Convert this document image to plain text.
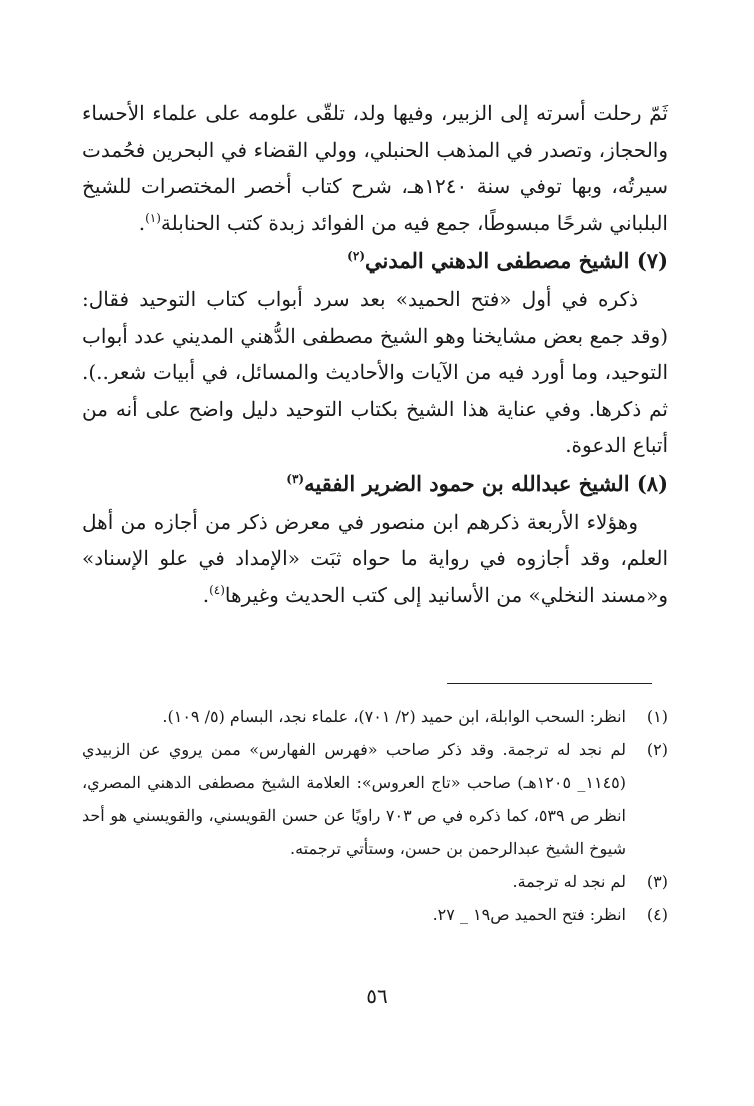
ثَمّ رحلت أسرته إلى الزبير، وفيها ولد، تلقّى علومه على علماء الأحساء والحجاز، وتصدر في المذهب الحنبلي، وولي القضاء في البحرين فحُمدت سيرتُه، وبها توفي سنة ١٢٤٠هـ، شرح كتاب أخصر المختصرات للشيخ البلباني شرحًا مبسوطًا، جمع فيه من الفوائد زبدة كتب الحنابلة$^{(١)}$.

(٧) الشيخ مصطفى الدهني المدني$^{(٢)}$

ذكره في أول «فتح الحميد» بعد سرد أبواب كتاب التوحيد فقال: (وقد جمع بعض مشايخنا وهو الشيخ مصطفى الدُّهني المديني عدد أبواب التوحيد، وما أورد فيه من الآيات والأحاديث والمسائل، في أبيات شعر..). ثم ذكرها. وفي عناية هذا الشيخ بكتاب التوحيد دليل واضح على أنه من أتباع الدعوة.

(٨) الشيخ عبدالله بن حمود الضرير الفقيه$^{(٣)}$

وهؤلاء الأربعة ذكرهم ابن منصور في معرض ذكر من أجازه من أهل العلم، وقد أجازوه في رواية ما حواه ثبَت «الإمداد في علو الإسناد» و«مسند النخلي» من الأسانيد إلى كتب الحديث وغيرها$^{(٤)}$.

(١)
انظر: السحب الوابلة، ابن حميد (٢/ ٧٠١)، علماء نجد، البسام (٥/ ١٠٩).
(٢)
لم نجد له ترجمة. وقد ذكر صاحب «فهرس الفهارس» ممن يروي عن الزبيدي (١١٤٥_ ١٢٠٥هـ) صاحب «تاج العروس»: العلامة الشيخ مصطفى الدهني المصري، انظر ص ٥٣٩، كما ذكره في ص ٧٠٣ راويًا عن حسن القويسني، والقويسني هو أحد شيوخ الشيخ عبدالرحمن بن حسن، وستأتي ترجمته.
(٣)
لم نجد له ترجمة.
(٤)
انظر: فتح الحميد ص١٩ _ ٢٧.
٥٦
